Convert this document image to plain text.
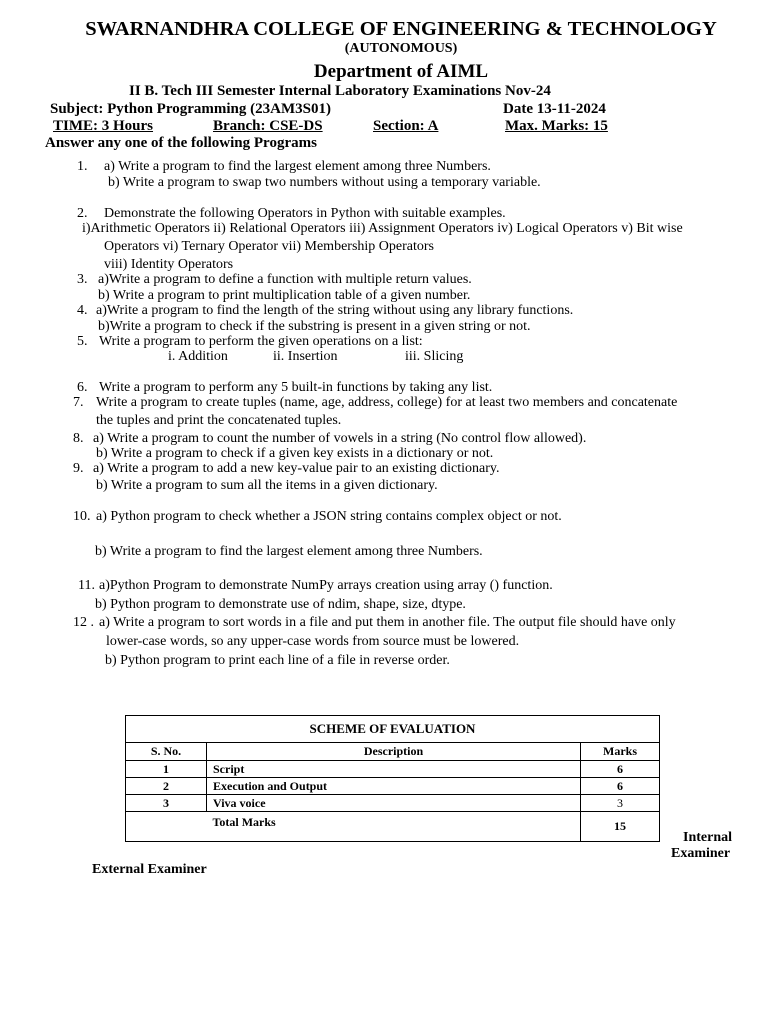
SWARNANDHRA COLLEGE OF ENGINEERING & TECHNOLOGY
(AUTONOMOUS)
Department of AIML
II B. Tech III Semester Internal Laboratory Examinations Nov-24
Subject: Python Programming (23AM3S01)	Date 13-11-2024
TIME: 3 Hours	Branch: CSE-DS	Section: A	Max. Marks: 15
Answer any one of the following Programs
1. a) Write a program to find the largest element among three Numbers.
b) Write a program to swap two numbers without using a temporary variable.
2. Demonstrate the following Operators in Python with suitable examples.
i)Arithmetic Operators ii) Relational Operators iii) Assignment Operators iv) Logical Operators v) Bit wise
Operators vi) Ternary Operator vii) Membership Operators
viii) Identity Operators
3. a)Write a program to define a function with multiple return values.
b) Write a program to print multiplication table of a given number.
4. a)Write a program to find the length of the string without using any library functions.
b)Write a program to check if the substring is present in a given string or not.
5. Write a program to perform the given operations on a list:
i. Addition	ii. Insertion	iii. Slicing
6. Write a program to perform any 5 built-in functions by taking any list.
7. Write a program to create tuples (name, age, address, college) for at least two members and concatenate
the tuples and print the concatenated tuples.
8. a) Write a program to count the number of vowels in a string (No control flow allowed).
b) Write a program to check if a given key exists in a dictionary or not.
9. a) Write a program to add a new key-value pair to an existing dictionary.
b) Write a program to sum all the items in a given dictionary.
10. a) Python program to check whether a JSON string contains complex object or not.
b) Write a program to find the largest element among three Numbers.
11. a)Python Program to demonstrate NumPy arrays creation using array () function.
b) Python program to demonstrate use of ndim, shape, size, dtype.
12 . a) Write a program to sort words in a file and put them in another file. The output file should have only
lower-case words, so any upper-case words from source must be lowered.
b) Python program to print each line of a file in reverse order.
SCHEME OF EVALUATION		
S. No.	Description	Marks
1	Script	6
2	Execution and Output	6
3	Viva voice	3
	Total Marks	15
Internal
Examiner
External Examiner
